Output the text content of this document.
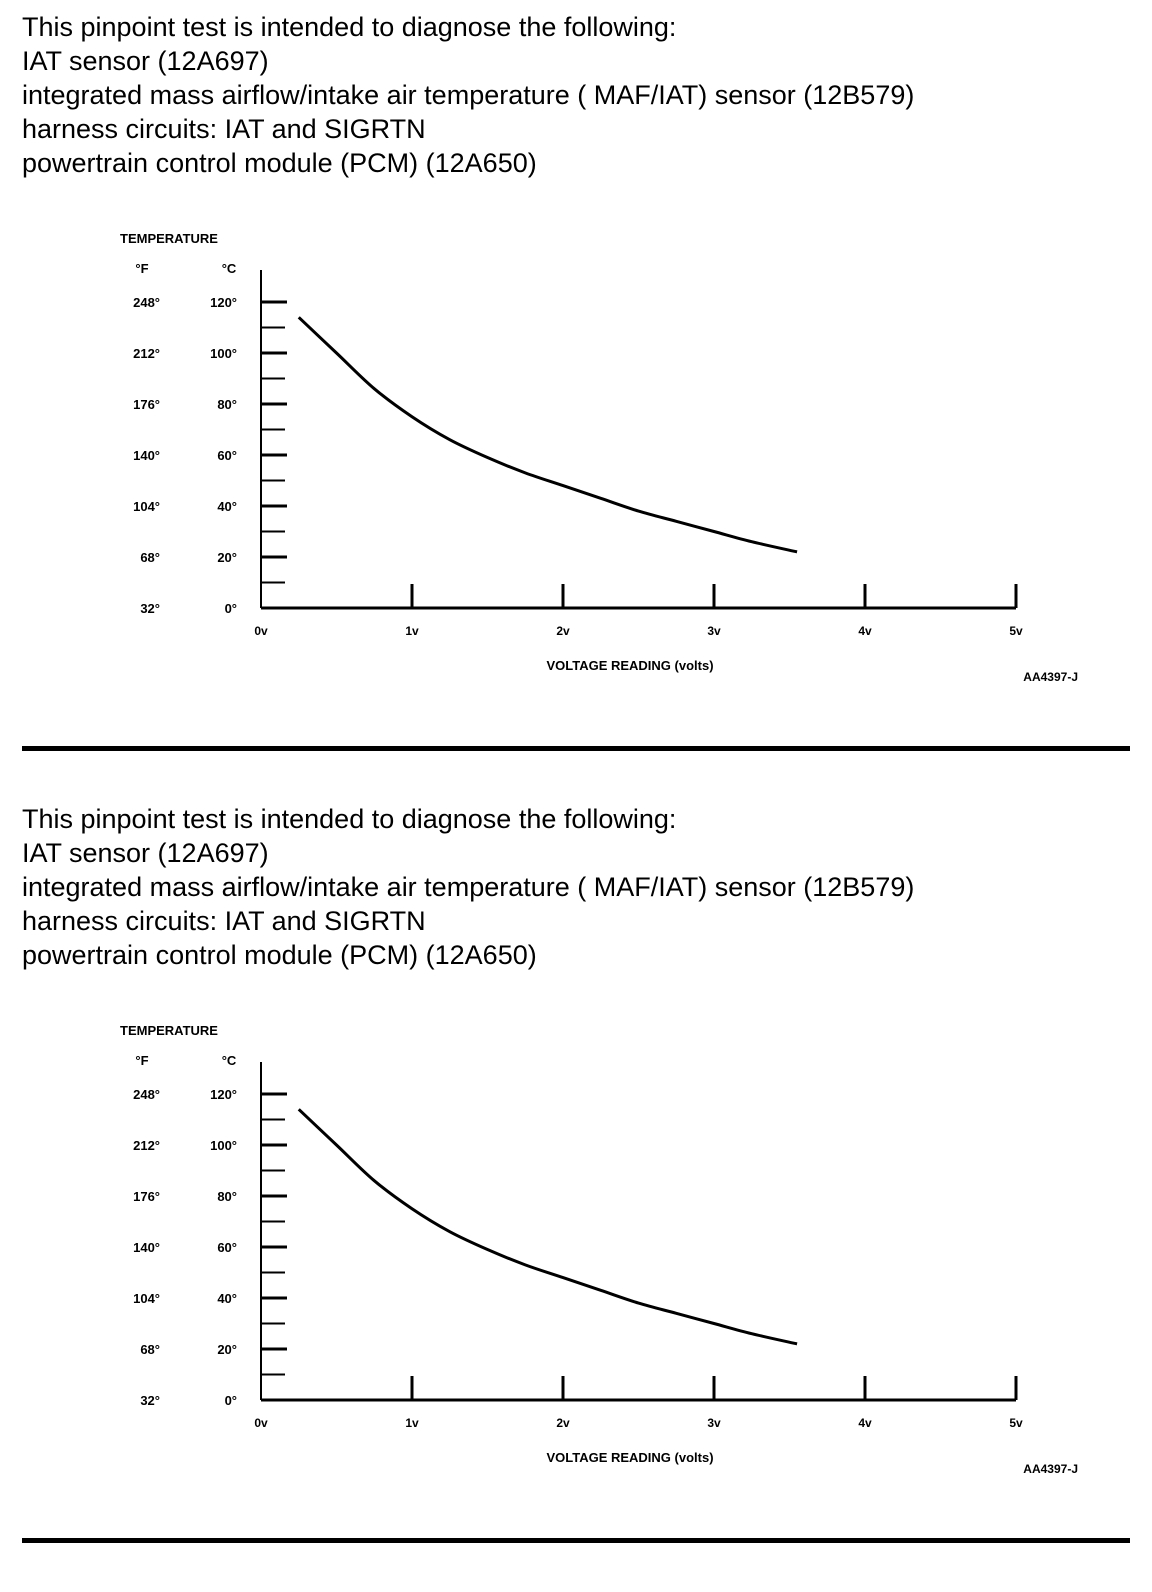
This pinpoint test is intended to diagnose the following:
IAT sensor (12A697)
integrated mass airflow/intake air temperature ( MAF/IAT) sensor (12B579)
harness circuits: IAT and SIGRTN
powertrain control module (PCM) (12A650)
TEMPERATURE
°F	°C
0°
32°
20°
68°
40°
104°
60°
140°
80°
176°
100°
212°
120°
248°
0v	1v	2v	3v	4v	5v
VOLTAGE READING (volts)
AA4397-J
This pinpoint test is intended to diagnose the following:
IAT sensor (12A697)
integrated mass airflow/intake air temperature ( MAF/IAT) sensor (12B579)
harness circuits: IAT and SIGRTN
powertrain control module (PCM) (12A650)
TEMPERATURE
°F	°C
0°
32°
20°
68°
40°
104°
60°
140°
80°
176°
100°
212°
120°
248°
0v	1v	2v	3v	4v	5v
VOLTAGE READING (volts)
AA4397-J
